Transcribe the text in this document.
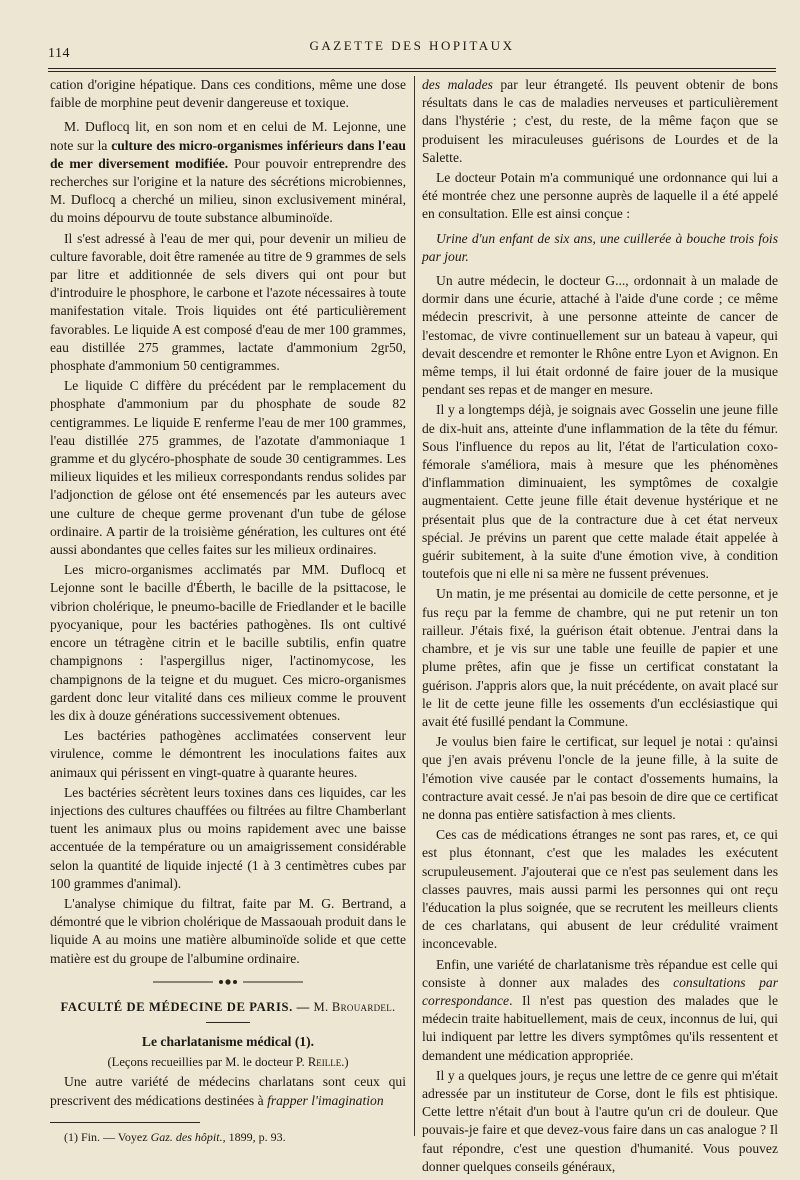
114
GAZETTE DES HOPITAUX

cation d'origine hépatique. Dans ces conditions, même une dose faible de morphine peut devenir dangereuse et toxique.

M. Duflocq lit, en son nom et en celui de M. Lejonne, une note sur la culture des micro-organismes inférieurs dans l'eau de mer diversement modifiée. Pour pouvoir entreprendre des recherches sur l'origine et la nature des sécrétions microbiennes, M. Duflocq a cherché un milieu, sinon exclusivement minéral, du moins dépourvu de toute substance albuminoïde.

Il s'est adressé à l'eau de mer qui, pour devenir un milieu de culture favorable, doit être ramenée au titre de 9 grammes de sels par litre et additionnée de sels divers qui ont pour but d'introduire le phosphore, le carbone et l'azote nécessaires à toute manifestation vitale. Trois liquides ont été particulièrement favorables. Le liquide A est composé d'eau de mer 100 grammes, eau distillée 275 grammes, lactate d'ammonium 2gr50, phosphate d'ammonium 50 centigrammes.

Le liquide C diffère du précédent par le remplacement du phosphate d'ammonium par du phosphate de soude 82 centigrammes. Le liquide E renferme l'eau de mer 100 grammes, l'eau distillée 275 grammes, de l'azotate d'ammoniaque 1 gramme et du glycéro-phosphate de soude 30 centigrammes. Les milieux liquides et les milieux correspondants rendus solides par l'adjonction de gélose ont été ensemencés par les auteurs avec une culture de cheque germe provenant d'un tube de gélose ordinaire. A partir de la troisième génération, les cultures ont été aussi abondantes que celles faites sur les milieux ordinaires.

Les micro-organismes acclimatés par MM. Duflocq et Lejonne sont le bacille d'Éberth, le bacille de la psittacose, le vibrion cholérique, le pneumo-bacille de Friedlander et le bacille pyocyanique, pour les bactéries pathogènes. Ils ont cultivé encore un tétragène citrin et le bacille subtilis, enfin quatre champignons : l'aspergillus niger, l'actinomycose, les champignons de la teigne et du muguet. Ces micro-organismes gardent donc leur vitalité dans ces milieux comme le prouvent les dix à douze générations successivement obtenues.

Les bactéries pathogènes acclimatées conservent leur virulence, comme le démontrent les inoculations faites aux animaux qui périssent en vingt-quatre à quarante heures.

Les bactéries sécrètent leurs toxines dans ces liquides, car les injections des cultures chauffées ou filtrées au filtre Chamberlant tuent les animaux plus ou moins rapidement avec une baisse accentuée de la température ou un amaigrissement considérable selon la quantité de liquide injecté (1 à 3 centimètres cubes par 100 grammes d'animal).

L'analyse chimique du filtrat, faite par M. G. Bertrand, a démontré que le vibrion cholérique de Massaouah produit dans le liquide A au moins une matière albuminoïde solide et que cette matière est du groupe de l'albumine ordinaire.

FACULTÉ DE MÉDECINE DE PARIS. — M. Brouardel.

Le charlatanisme médical (1).

(Leçons recueillies par M. le docteur P. Reille.)

Une autre variété de médecins charlatans sont ceux qui prescrivent des médications destinées à frapper l'imagination

(1) Fin. — Voyez Gaz. des hôpit., 1899, p. 93.

des malades par leur étrangeté. Ils peuvent obtenir de bons résultats dans le cas de maladies nerveuses et particulièrement dans l'hystérie ; c'est, du reste, de la même façon que se produisent les miraculeuses guérisons de Lourdes et de la Salette.

Le docteur Potain m'a communiqué une ordonnance qui lui a été montrée chez une personne auprès de laquelle il a été appelé en consultation. Elle est ainsi conçue :

Urine d'un enfant de six ans, une cuillerée à bouche trois fois par jour.

Un autre médecin, le docteur G..., ordonnait à un malade de dormir dans une écurie, attaché à l'aide d'une corde ; ce même médecin prescrivit, à une personne atteinte de cancer de l'estomac, de vivre continuellement sur un bateau à vapeur, qui devait descendre et remonter le Rhône entre Lyon et Avignon. En même temps, il lui était ordonné de faire jouer de la musique pendant ses repas et de manger en mesure.

Il y a longtemps déjà, je soignais avec Gosselin une jeune fille de dix-huit ans, atteinte d'une inflammation de la tête du fémur. Sous l'influence du repos au lit, l'état de l'articulation coxo-fémorale s'améliora, mais à mesure que les phénomènes d'inflammation diminuaient, les symptômes de coxalgie augmentaient. Cette jeune fille était devenue hystérique et ne présentait plus que de la contracture due à cet état nerveux spécial. Je prévins un parent que cette malade était appelée à guérir subitement, à la suite d'une émotion vive, à condition toutefois que ni elle ni sa mère ne fussent prévenues.

Un matin, je me présentai au domicile de cette personne, et je fus reçu par la femme de chambre, qui ne put retenir un ton railleur. J'étais fixé, la guérison était obtenue. J'entrai dans la chambre, et je vis sur une table une feuille de papier et une plume prêtes, afin que je fisse un certificat constatant la guérison. J'appris alors que, la nuit précédente, on avait placé sur le lit de cette jeune fille les ossements d'un ecclésiastique qui avait été fusillé pendant la Commune.

Je voulus bien faire le certificat, sur lequel je notai : qu'ainsi que j'en avais prévenu l'oncle de la jeune fille, à la suite de l'émotion vive causée par le contact d'ossements humains, la contracture avait cessé. Je n'ai pas besoin de dire que ce certificat ne donna pas entière satisfaction à mes clients.

Ces cas de médications étranges ne sont pas rares, et, ce qui est plus étonnant, c'est que les malades les exécutent scrupuleusement. J'ajouterai que ce n'est pas seulement dans les classes pauvres, mais aussi parmi les personnes qui ont reçu l'éducation la plus soignée, que se recrutent les meilleurs clients de ces charlatans, qui abusent de leur crédulité vraiment inconcevable.

Enfin, une variété de charlatanisme très répandue est celle qui consiste à donner aux malades des consultations par correspondance. Il n'est pas question des malades que le médecin traite habituellement, mais de ceux, inconnus de lui, qui lui indiquent par lettre les divers symptômes qu'ils ressentent et demandent une médication appropriée.

Il y a quelques jours, je reçus une lettre de ce genre qui m'était adressée par un instituteur de Corse, dont le fils est phtisique. Cette lettre n'était d'un bout à l'autre qu'un cri de douleur. Que pouvais-je faire et que devez-vous faire dans un cas analogue ? Il faut répondre, c'est une question d'humanité. Vous pouvez donner quelques conseils généraux,
